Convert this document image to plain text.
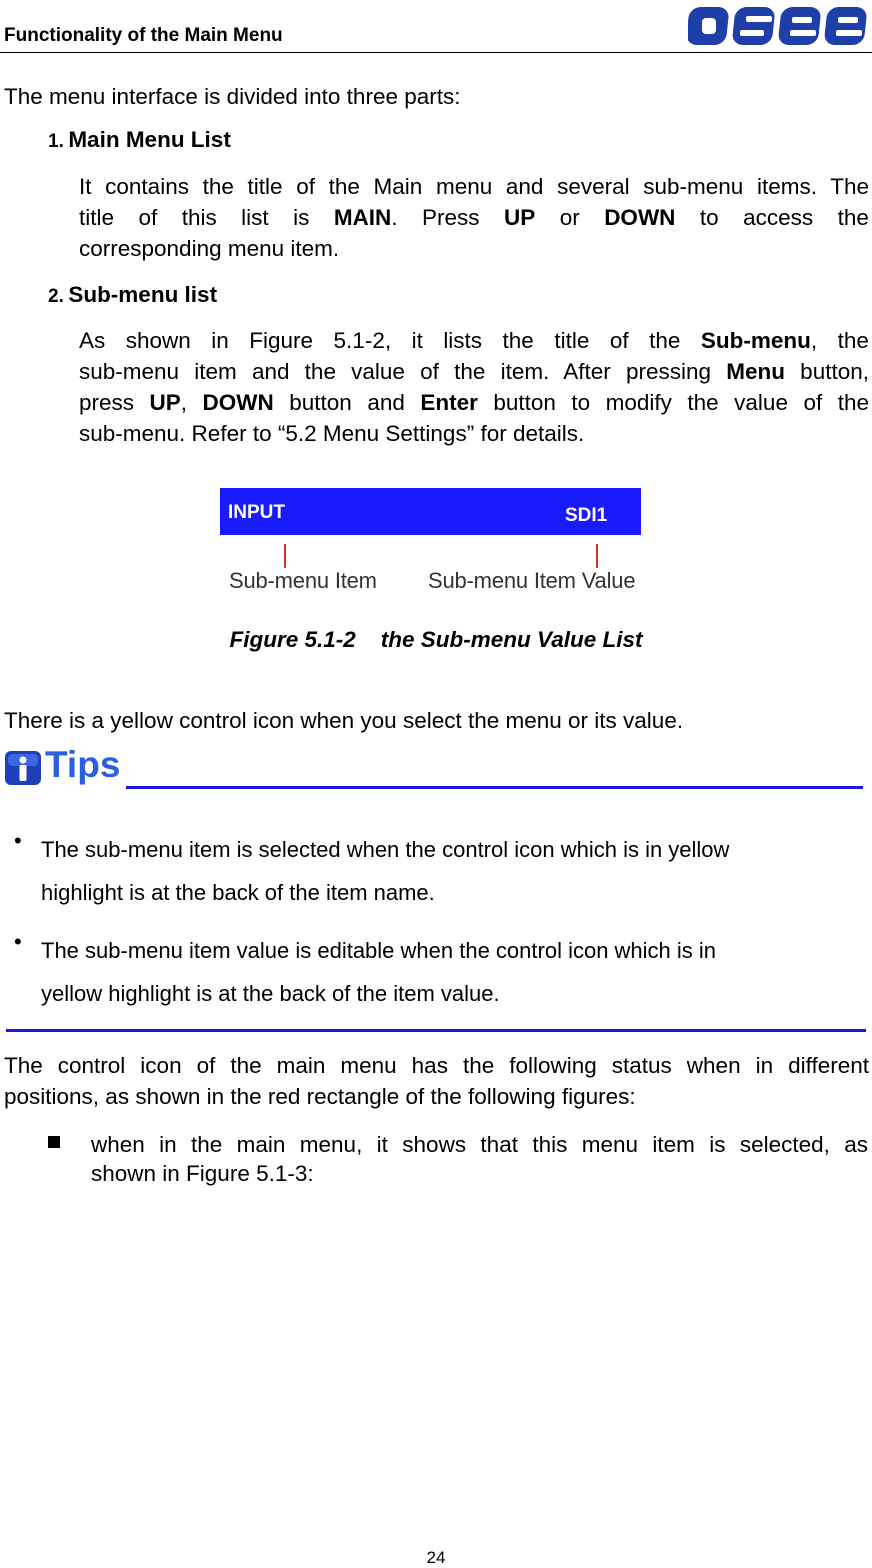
Functionality of the Main Menu
OSEE
The menu interface is divided into three parts:
1. Main Menu List
It contains the title of the Main menu and several sub-menu items. The
title of this list is MAIN. Press UP or DOWN to access the
corresponding menu item.
2. Sub-menu list
As shown in Figure 5.1-2, it lists the title of the Sub-menu, the
sub-menu item and the value of the item. After pressing Menu button,
press UP, DOWN button and Enter button to modify the value of the
sub-menu. Refer to “5.2 Menu Settings” for details.
INPUT	SDI1
Sub-menu Item Sub-menu Item Value
Figure 5.1-2    the Sub-menu Value List
There is a yellow control icon when you select the menu or its value.
Tips
• The sub-menu item is selected when the control icon which is in yellow
highlight is at the back of the item name.
• The sub-menu item value is editable when the control icon which is in
yellow highlight is at the back of the item value.
The control icon of the main menu has the following status when in different
positions, as shown in the red rectangle of the following figures:
when in the main menu, it shows that this menu item is selected, as
shown in Figure 5.1-3:
24
